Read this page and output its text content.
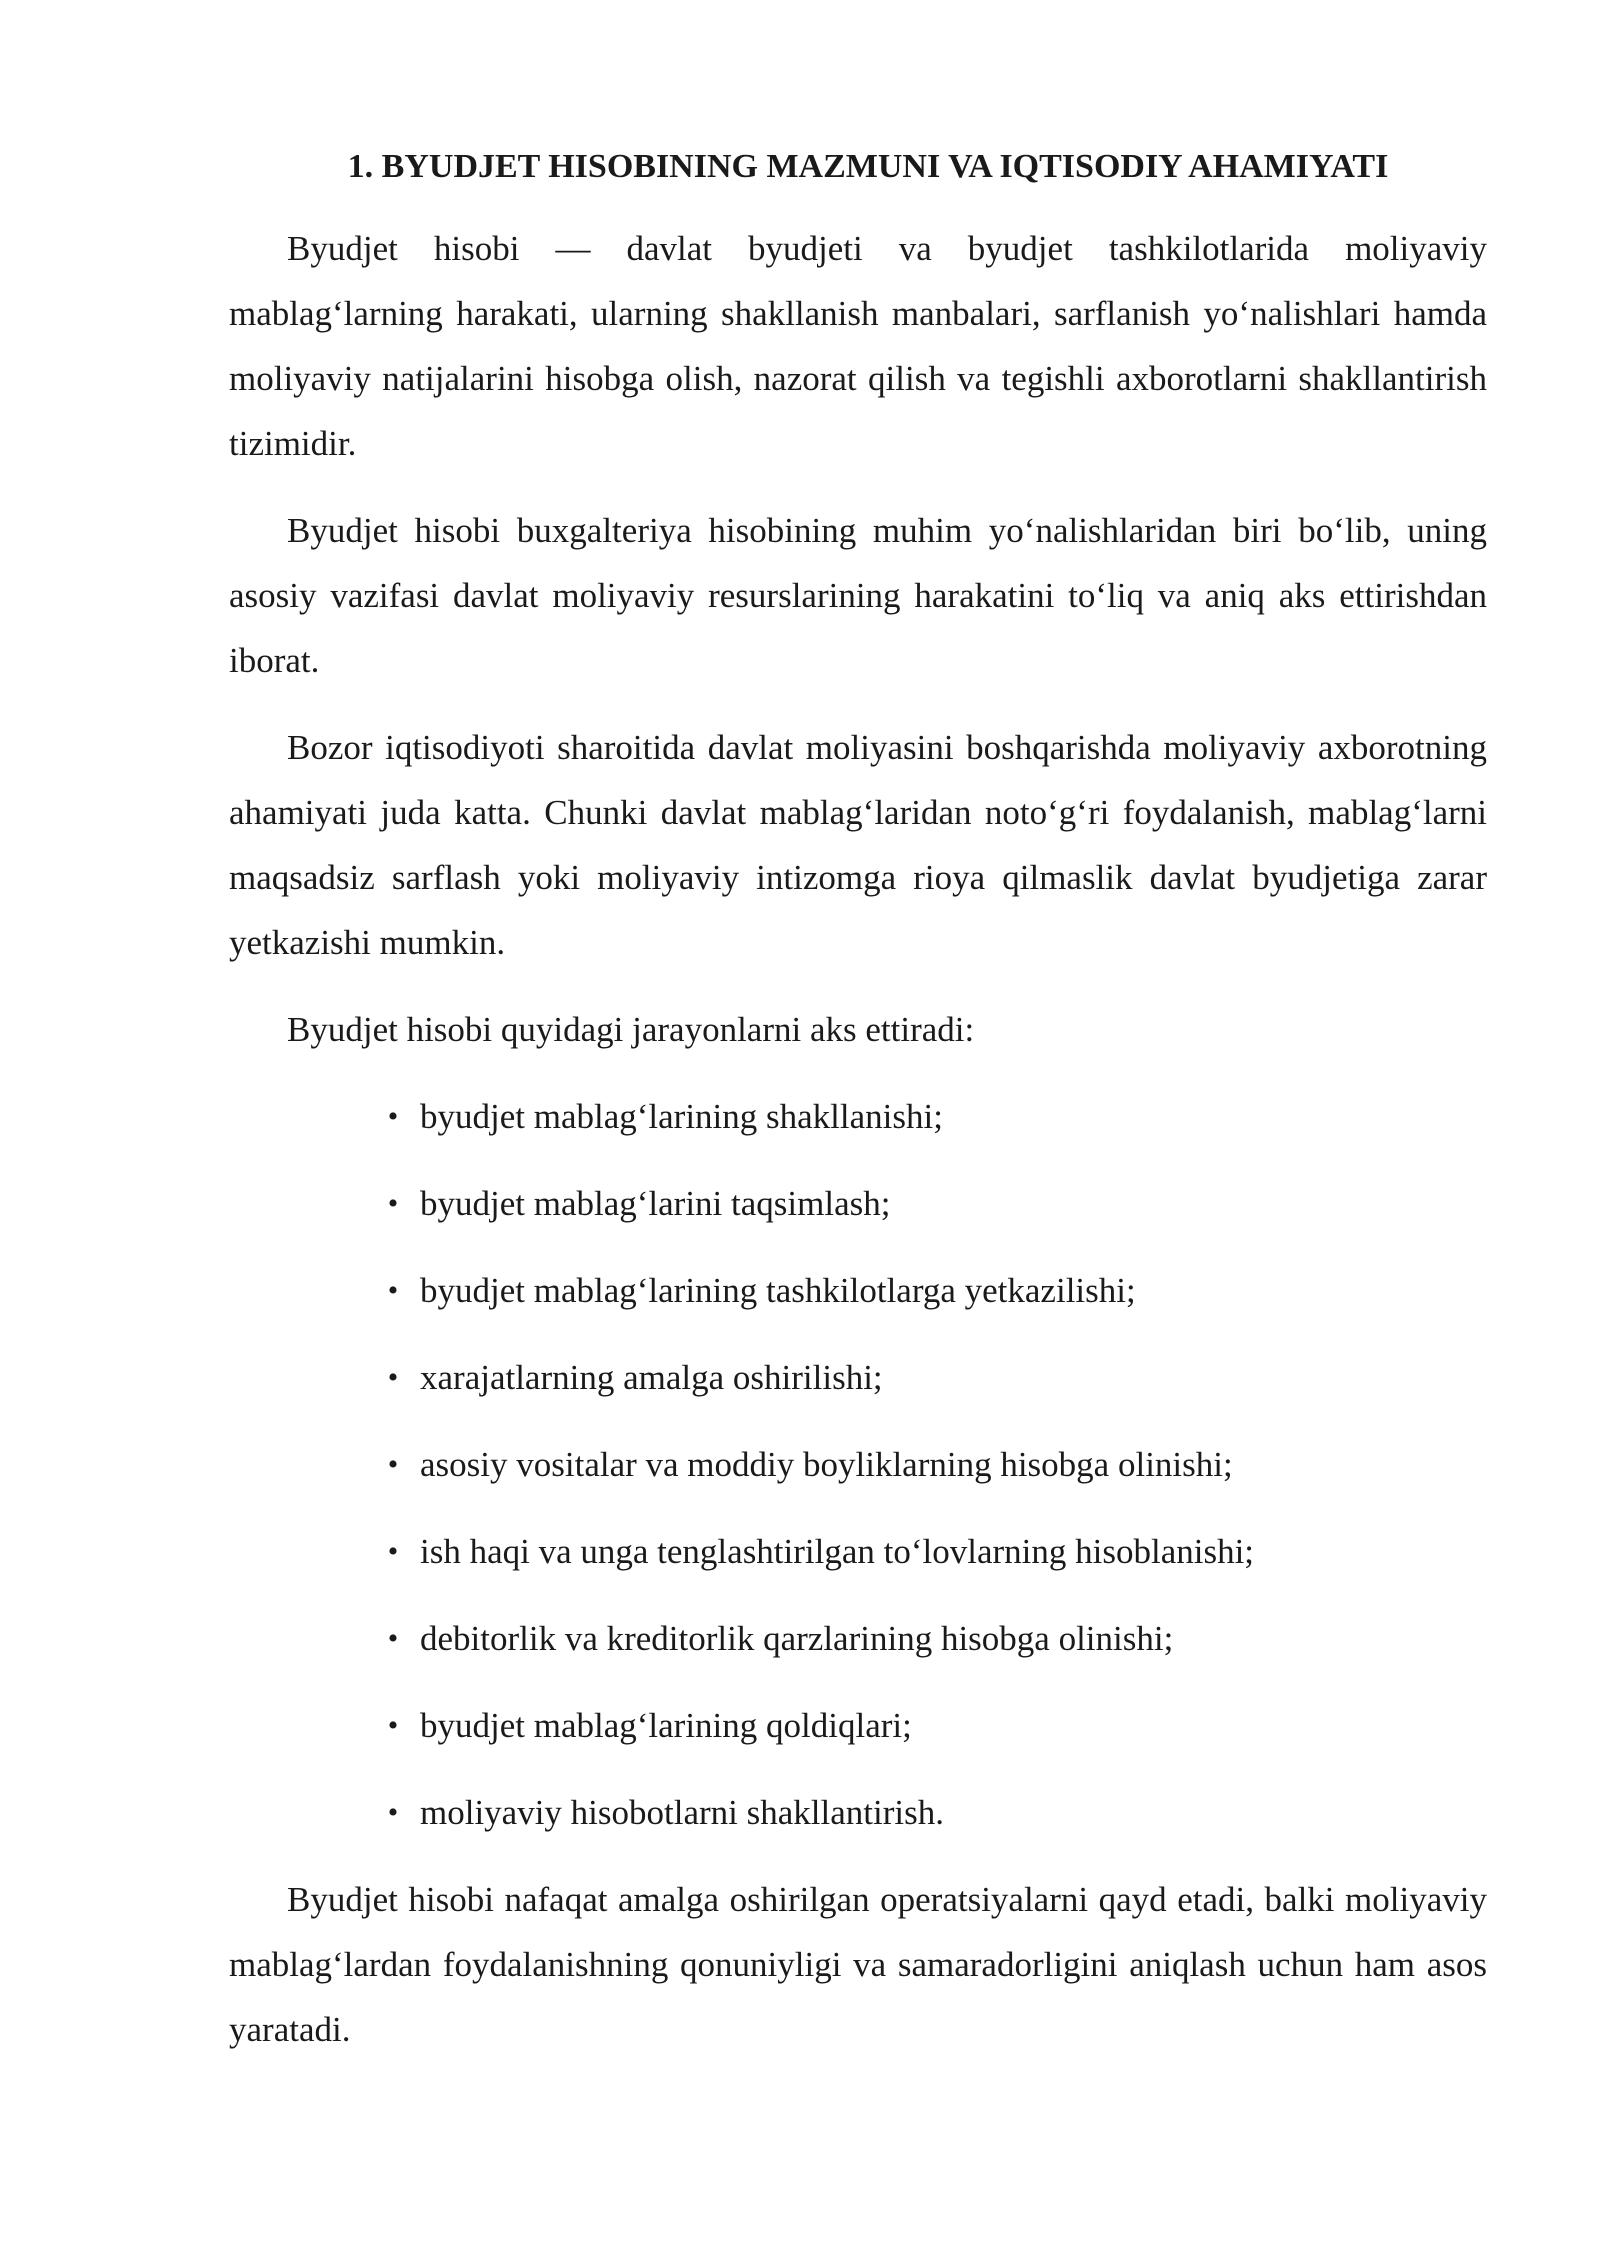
1. BYUDJET HISOBINING MAZMUNI VA IQTISODIY AHAMIYATI

Byudjet hisobi — davlat byudjeti va byudjet tashkilotlarida moliyaviy mablag‘larning harakati, ularning shakllanish manbalari, sarflanish yo‘nalishlari hamda moliyaviy natijalarini hisobga olish, nazorat qilish va tegishli axborotlarni shakllantirish tizimidir.

Byudjet hisobi buxgalteriya hisobining muhim yo‘nalishlaridan biri bo‘lib, uning asosiy vazifasi davlat moliyaviy resurslarining harakatini to‘liq va aniq aks ettirishdan iborat.

Bozor iqtisodiyoti sharoitida davlat moliyasini boshqarishda moliyaviy axborotning ahamiyati juda katta. Chunki davlat mablag‘laridan noto‘g‘ri foydalanish, mablag‘larni maqsadsiz sarflash yoki moliyaviy intizomga rioya qilmaslik davlat byudjetiga zarar yetkazishi mumkin.

Byudjet hisobi quyidagi jarayonlarni aks ettiradi:

• byudjet mablag‘larining shakllanishi;
• byudjet mablag‘larini taqsimlash;
• byudjet mablag‘larining tashkilotlarga yetkazilishi;
• xarajatlarning amalga oshirilishi;
• asosiy vositalar va moddiy boyliklarning hisobga olinishi;
• ish haqi va unga tenglashtirilgan to‘lovlarning hisoblanishi;
• debitorlik va kreditorlik qarzlarining hisobga olinishi;
• byudjet mablag‘larining qoldiqlari;
• moliyaviy hisobotlarni shakllantirish.

Byudjet hisobi nafaqat amalga oshirilgan operatsiyalarni qayd etadi, balki moliyaviy mablag‘lardan foydalanishning qonuniyligi va samaradorligini aniqlash uchun ham asos yaratadi.
